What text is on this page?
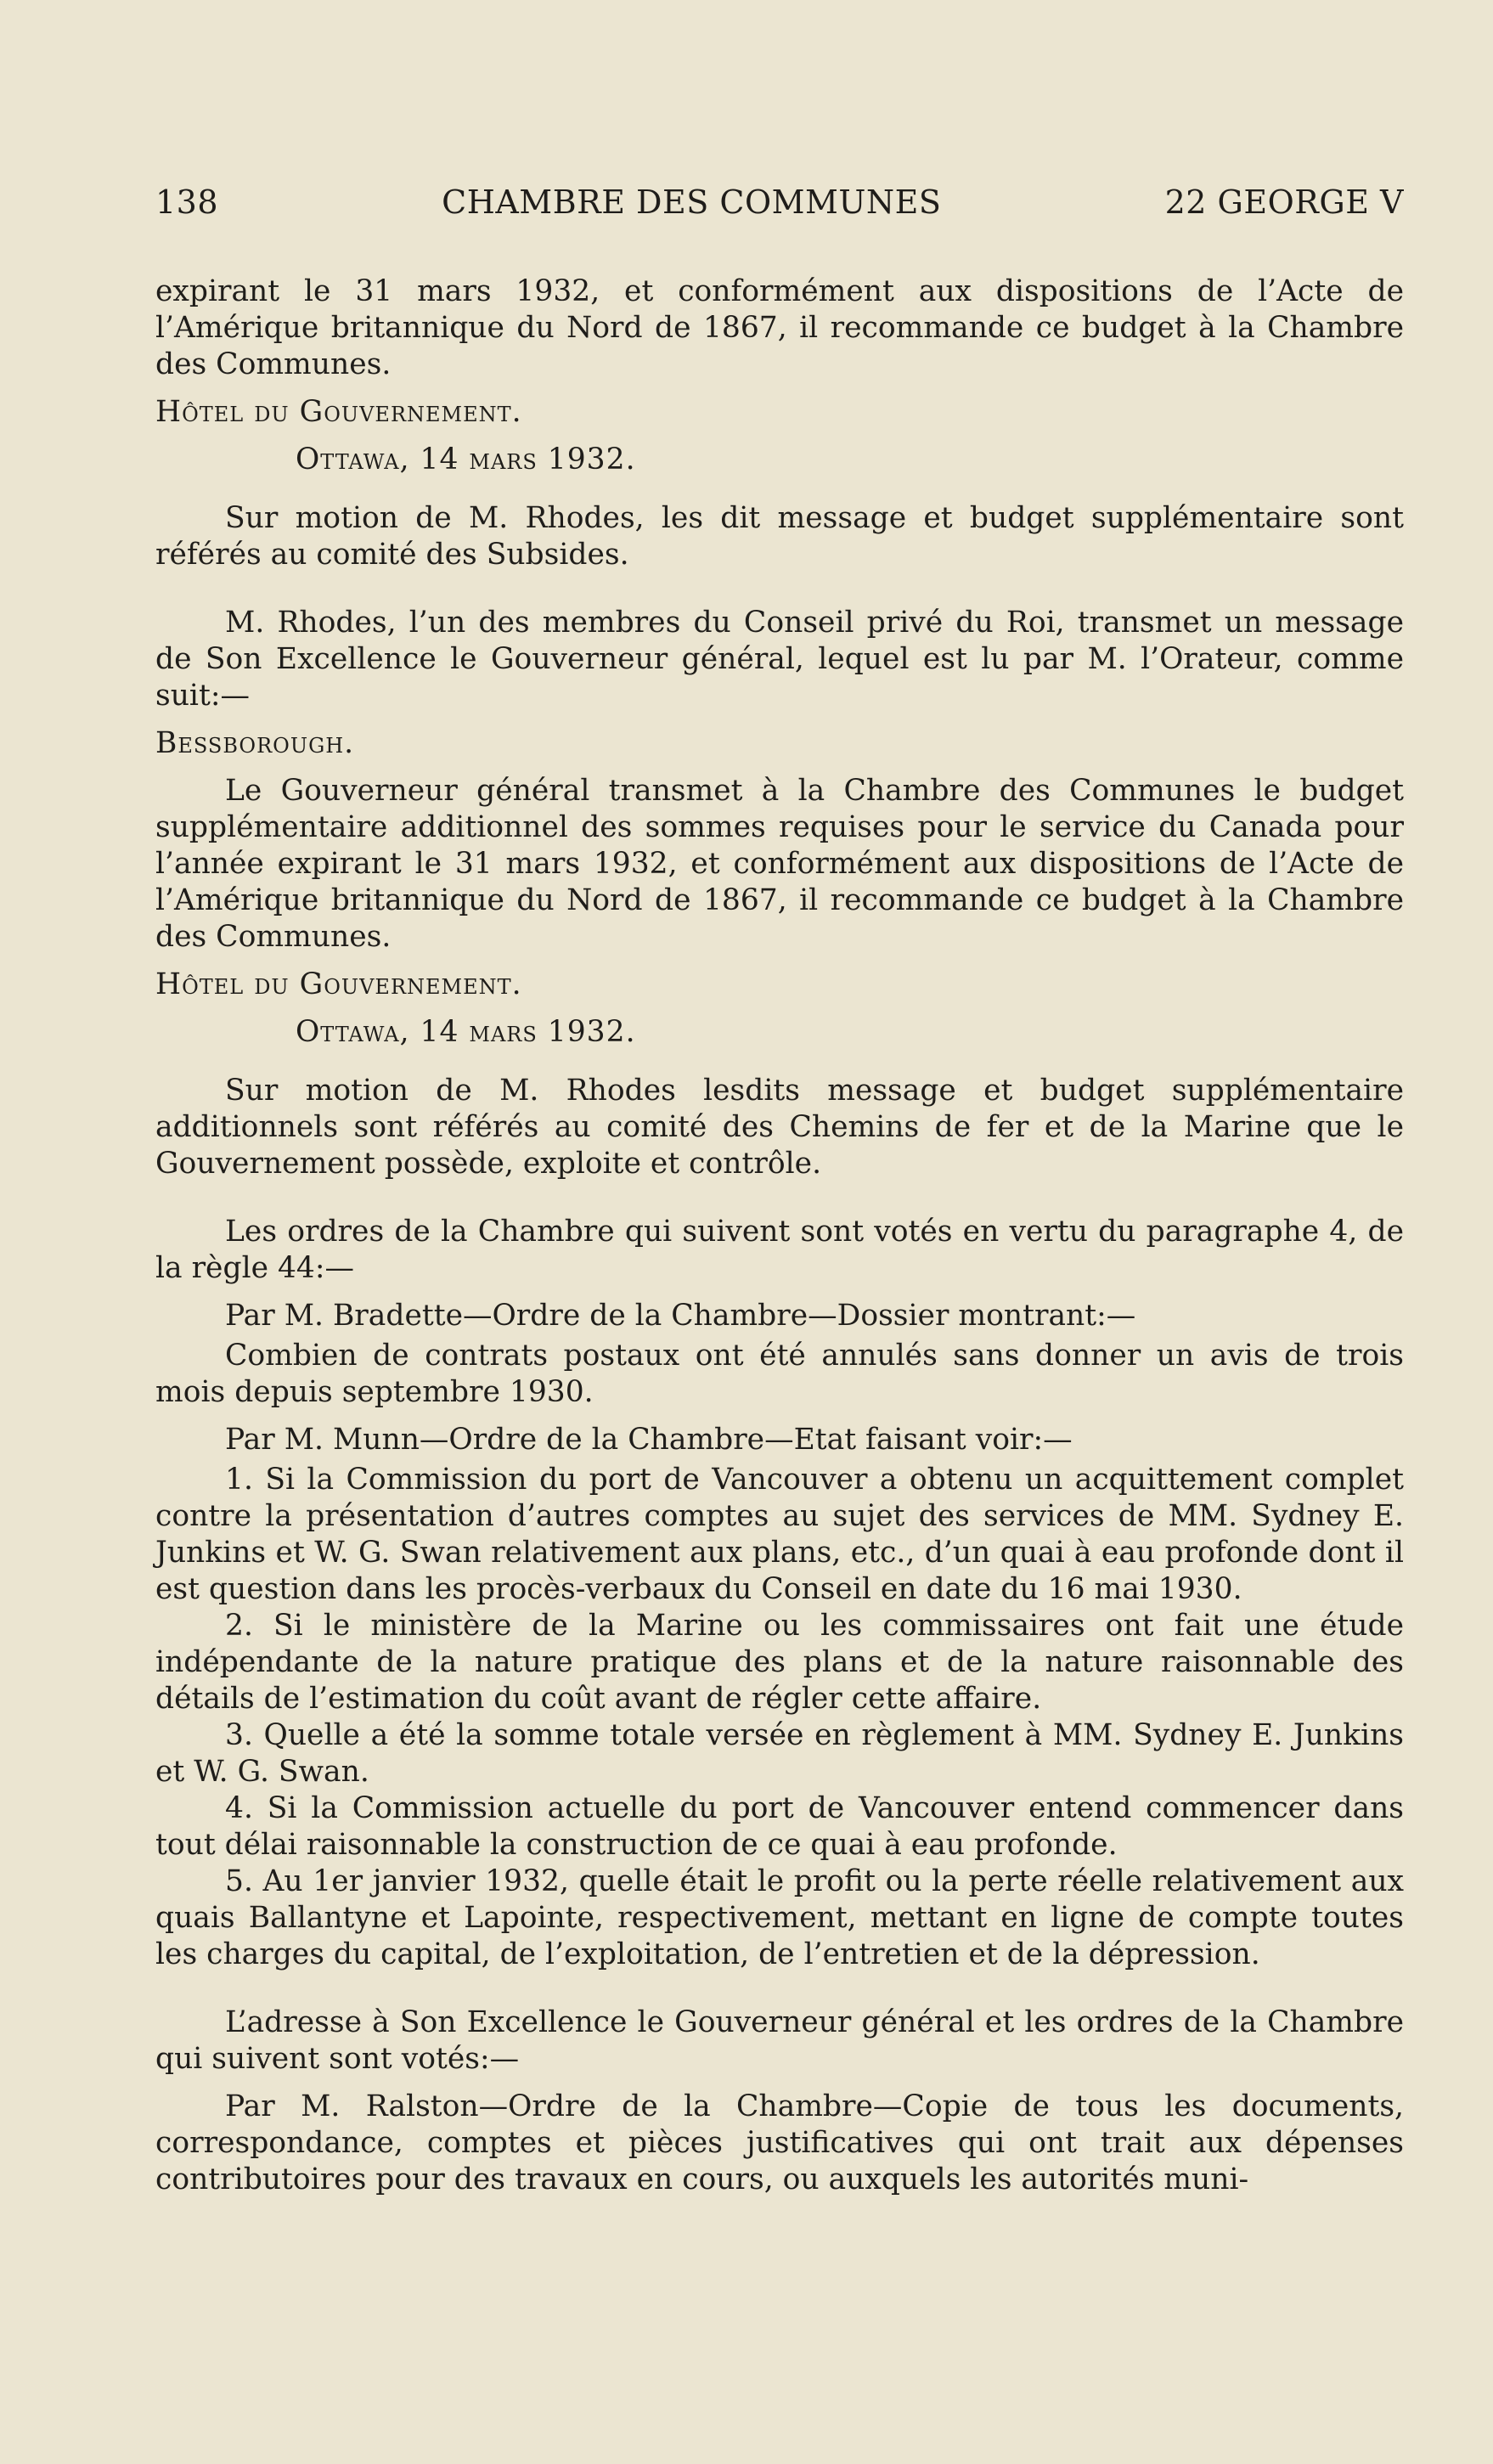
138	CHAMBRE DES COMMUNES	22 GEORGE V

expirant le 31 mars 1932, et conformément aux dispositions de l’Acte de l’Amérique britannique du Nord de 1867, il recommande ce budget à la Chambre des Communes.

Hôtel du Gouvernement.

Ottawa, 14 mars 1932.

Sur motion de M. Rhodes, les dit message et budget supplémentaire sont référés au comité des Subsides.

M. Rhodes, l’un des membres du Conseil privé du Roi, transmet un message de Son Excellence le Gouverneur général, lequel est lu par M. l’Orateur, comme suit:—

Bessborough.

Le Gouverneur général transmet à la Chambre des Communes le budget supplémentaire additionnel des sommes requises pour le service du Canada pour l’année expirant le 31 mars 1932, et conformément aux dispositions de l’Acte de l’Amérique britannique du Nord de 1867, il recommande ce budget à la Chambre des Communes.

Hôtel du Gouvernement.

Ottawa, 14 mars 1932.

Sur motion de M. Rhodes lesdits message et budget supplémentaire additionnels sont référés au comité des Chemins de fer et de la Marine que le Gouvernement possède, exploite et contrôle.

Les ordres de la Chambre qui suivent sont votés en vertu du paragraphe 4, de la règle 44:—

Par M. Bradette—Ordre de la Chambre—Dossier montrant:—

Combien de contrats postaux ont été annulés sans donner un avis de trois mois depuis septembre 1930.

Par M. Munn—Ordre de la Chambre—Etat faisant voir:—

1. Si la Commission du port de Vancouver a obtenu un acquittement complet contre la présentation d’autres comptes au sujet des services de MM. Sydney E. Junkins et W. G. Swan relativement aux plans, etc., d’un quai à eau profonde dont il est question dans les procès-verbaux du Conseil en date du 16 mai 1930.

2. Si le ministère de la Marine ou les commissaires ont fait une étude indépendante de la nature pratique des plans et de la nature raisonnable des détails de l’estimation du coût avant de régler cette affaire.

3. Quelle a été la somme totale versée en règlement à MM. Sydney E. Junkins et W. G. Swan.

4. Si la Commission actuelle du port de Vancouver entend commencer dans tout délai raisonnable la construction de ce quai à eau profonde.

5. Au 1er janvier 1932, quelle était le profit ou la perte réelle relativement aux quais Ballantyne et Lapointe, respectivement, mettant en ligne de compte toutes les charges du capital, de l’exploitation, de l’entretien et de la dépression.

L’adresse à Son Excellence le Gouverneur général et les ordres de la Chambre qui suivent sont votés:—

Par M. Ralston—Ordre de la Chambre—Copie de tous les documents, correspondance, comptes et pièces justificatives qui ont trait aux dépenses contributoires pour des travaux en cours, ou auxquels les autorités muni-
